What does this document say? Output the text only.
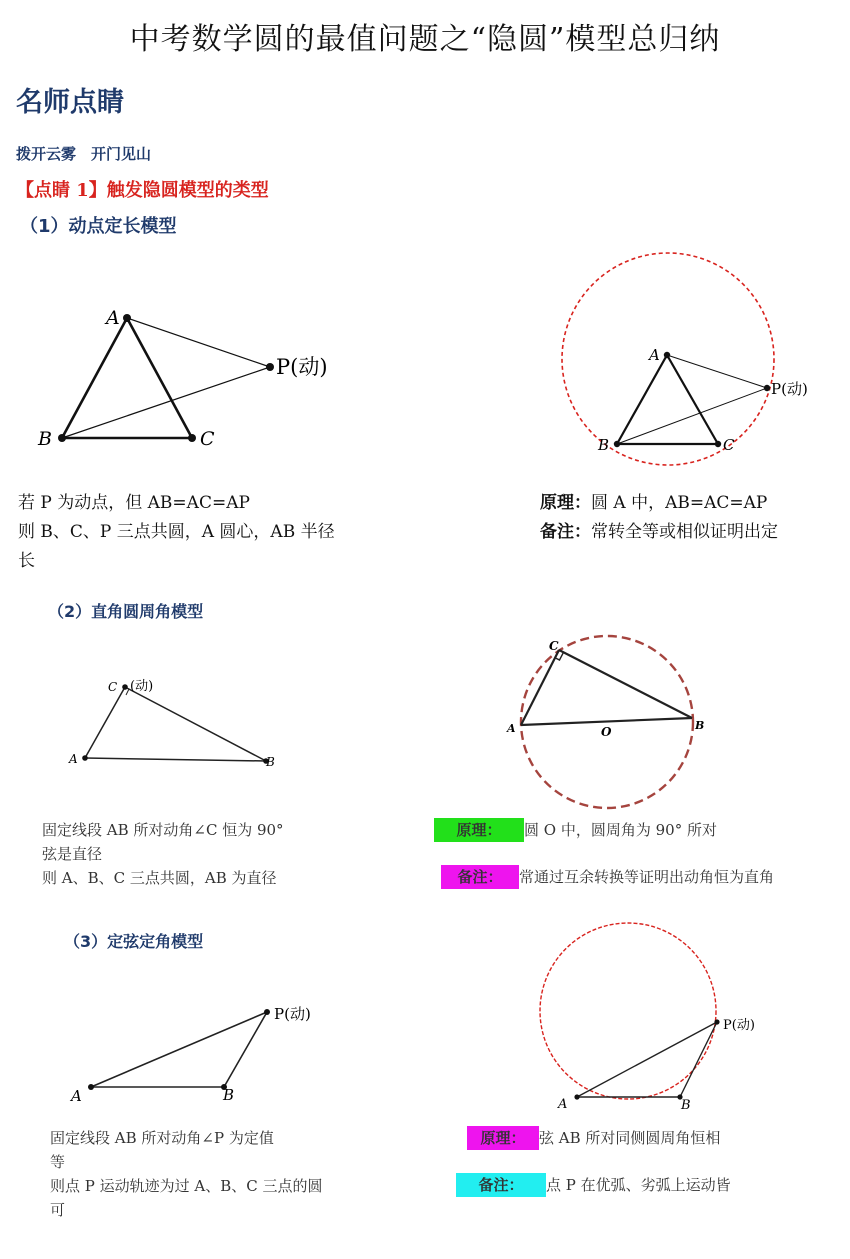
中考数学圆的最值问题之“隐圆”模型总归纳
名师点睛
拨开云雾　开门见山
【点睛 1】触发隐圆模型的类型
（1）动点定长模型
A
B	C
P(动)	A
B	C
P(动)
若 P 为动点，但 AB=AC=AP
则 B、C、P 三点共圆，A 圆心，AB 半径
长
原理：圆 A 中，AB=AC=AP
备注：常转全等或相似证明出定
（2）直角圆周角模型
C (动)
A	B
C
A	B
O
固定线段 AB 所对动角∠C 恒为 90°
弦是直径
则 A、B、C 三点共圆，AB 为直径
原理： 圆 O 中，圆周角为 90° 所对
备注： 常通过互余转换等证明出动角恒为直角
（3）定弦定角模型
A	B
P(动)
A	B
P(动)
固定线段 AB 所对动角∠P 为定值
等
则点 P 运动轨迹为过 A、B、C 三点的圆
可
原理： 弦 AB 所对同侧圆周角恒相
备注： 点 P 在优弧、劣弧上运动皆
